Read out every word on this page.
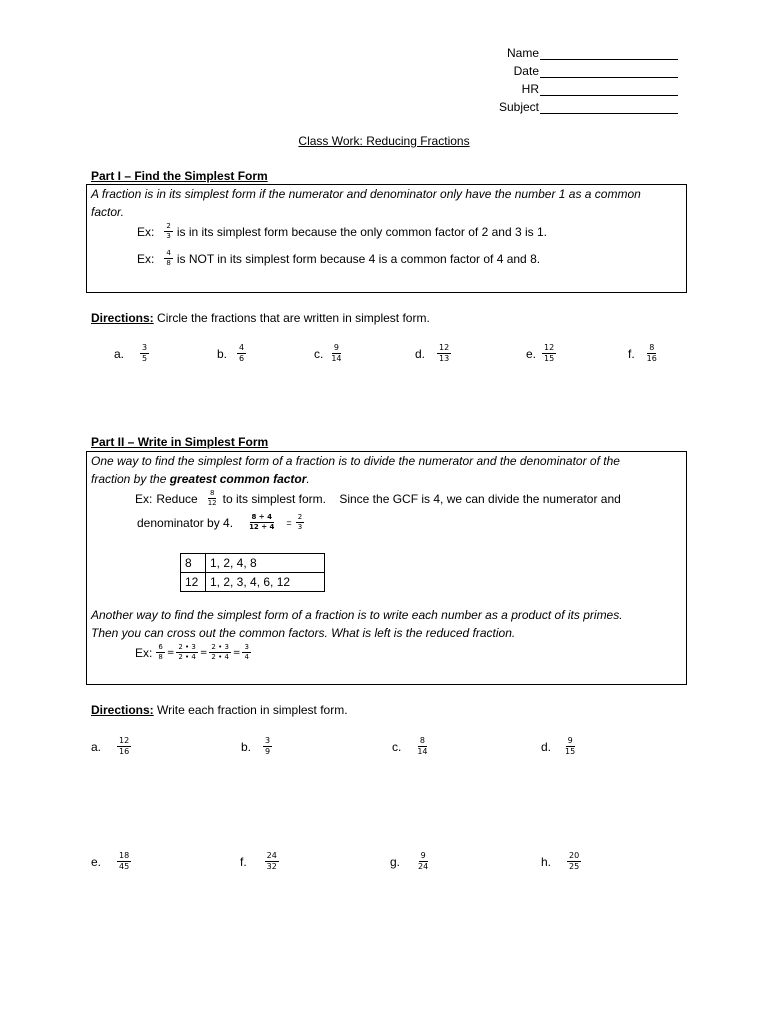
Name
Date
HR
Subject
Class Work: Reducing Fractions
Part I – Find the Simplest Form
A fraction is in its simplest form if the numerator and denominator only have the number 1 as a common
factor.
Ex: $\frac{2}{3}$ is in its simplest form because the only common factor of 2 and 3 is 1.
Ex: $\frac{4}{8}$ is NOT in its simplest form because 4 is a common factor of 4 and 8.
Directions: Circle the fractions that are written in simplest form.
a. $\frac{3}{5}$	b. $\frac{4}{6}$	c. $\frac{9}{14}$	d. $\frac{12}{13}$	e. $\frac{12}{15}$	f. $\frac{8}{16}$
Part II – Write in Simplest Form
One way to find the simplest form of a fraction is to divide the numerator and the denominator of the
fraction by the greatest common factor.
Ex: Reduce $\frac{8}{12}$ to its simplest form.    Since the GCF is 4, we can divide the numerator and
denominator by 4. $\frac{8 \div 4}{12 \div 4} = \frac{2}{3}$
8	1, 2, 4, 8
12	1, 2, 3, 4, 6, 12
Another way to find the simplest form of a fraction is to write each number as a product of its primes.
Then you can cross out the common factors. What is left is the reduced fraction.
Ex: $\frac{6}{8} = \frac{2 • 3}{2 • 4} = \frac{2 • 3}{2 • 4} = \frac{3}{4}$
Directions: Write each fraction in simplest form.
a. $\frac{12}{16}$	b. $\frac{3}{9}$	c. $\frac{8}{14}$	d. $\frac{9}{15}$
e. $\frac{18}{45}$	f. $\frac{24}{32}$	g. $\frac{9}{24}$	h. $\frac{20}{25}$
